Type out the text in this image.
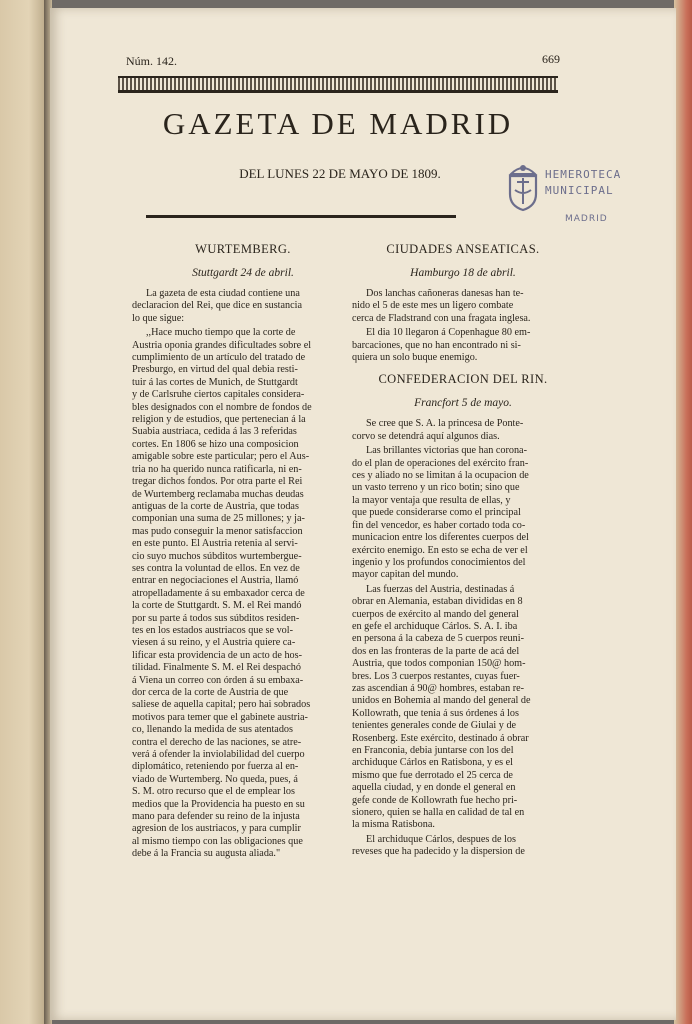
Núm. 142.	669
GAZETA DE MADRID
DEL LUNES 22 DE MAYO DE 1809.	HEMEROTECA
MUNICIPAL
MADRID
WURTEMBERG.
Stuttgardt 24 de abril.
La gazeta de esta ciudad contiene una
declaracion del Rei, que dice en sustancia
lo que sigue:
,,Hace mucho tiempo que la corte de
Austria oponia grandes dificultades sobre el
cumplimiento de un artículo del tratado de
Presburgo, en virtud del qual debia resti-
tuir á las cortes de Munich, de Stuttgardt
y de Carlsruhe ciertos capitales considera-
bles designados con el nombre de fondos de
religion y de estudios, que pertenecian á la
Suabia austriaca, cedida á las 3 referidas
cortes. En 1806 se hizo una composicion
amigable sobre este particular; pero el Aus-
tria no ha querido nunca ratificarla, ni en-
tregar dichos fondos. Por otra parte el Rei
de Wurtemberg reclamaba muchas deudas
antiguas de la corte de Austria, que todas
componian una suma de 25 millones; y ja-
mas pudo conseguir la menor satisfaccion
en este punto. El Austria retenia al servi-
cio suyo muchos súbditos wurtembergue-
ses contra la voluntad de ellos. En vez de
entrar en negociaciones el Austria, llamó
atropelladamente á su embaxador cerca de
la corte de Stuttgardt. S. M. el Rei mandó
por su parte á todos sus súbditos residen-
tes en los estados austriacos que se vol-
viesen á su reino, y el Austria quiere ca-
lificar esta providencia de un acto de hos-
tilidad. Finalmente S. M. el Rei despachó
á Viena un correo con órden á su embaxa-
dor cerca de la corte de Austria de que
saliese de aquella capital; pero hai sobrados
motivos para temer que el gabinete austria-
co, llenando la medida de sus atentados
contra el derecho de las naciones, se atre-
verá á ofender la inviolabilidad del cuerpo
diplomático, reteniendo por fuerza al en-
viado de Wurtemberg. No queda, pues, á
S. M. otro recurso que el de emplear los
medios que la Providencia ha puesto en su
mano para defender su reino de la injusta
agresion de los austriacos, y para cumplir
al mismo tiempo con las obligaciones que
debe á la Francia su augusta aliada."
CIUDADES ANSEATICAS.
Hamburgo 18 de abril.
Dos lanchas cañoneras danesas han te-
nido el 5 de este mes un ligero combate
cerca de Fladstrand con una fragata inglesa.
El dia 10 llegaron á Copenhague 80 em-
barcaciones, que no han encontrado ni si-
quiera un solo buque enemigo.
CONFEDERACION DEL RIN.
Francfort 5 de mayo.
Se cree que S. A. la princesa de Ponte-
corvo se detendrá aquí algunos dias.
Las brillantes victorias que han corona-
do el plan de operaciones del exército fran-
ces y aliado no se limitan á la ocupacion de
un vasto terreno y un rico botin; sino que
la mayor ventaja que resulta de ellas, y
que puede considerarse como el principal
fin del vencedor, es haber cortado toda co-
municacion entre los diferentes cuerpos del
exército enemigo. En esto se echa de ver el
ingenio y los profundos conocimientos del
mayor capitan del mundo.
Las fuerzas del Austria, destinadas á
obrar en Alemania, estaban divididas en 8
cuerpos de exército al mando del general
en gefe el archiduque Cárlos. S. A. I. iba
en persona á la cabeza de 5 cuerpos reuni-
dos en las fronteras de la parte de acá del
Austria, que todos componian 150@ hom-
bres. Los 3 cuerpos restantes, cuyas fuer-
zas ascendian á 90@ hombres, estaban re-
unidos en Bohemia al mando del general de
Kollowrath, que tenia á sus órdenes á los
tenientes generales conde de Giulai y de
Rosenberg. Este exército, destinado á obrar
en Franconia, debia juntarse con los del
archiduque Cárlos en Ratisbona, y es el
mismo que fue derrotado el 25 cerca de
aquella ciudad, y en donde el general en
gefe conde de Kollowrath fue hecho pri-
sionero, quien se halla en calidad de tal en
la misma Ratisbona.
El archiduque Cárlos, despues de los
reveses que ha padecido y la dispersion de
